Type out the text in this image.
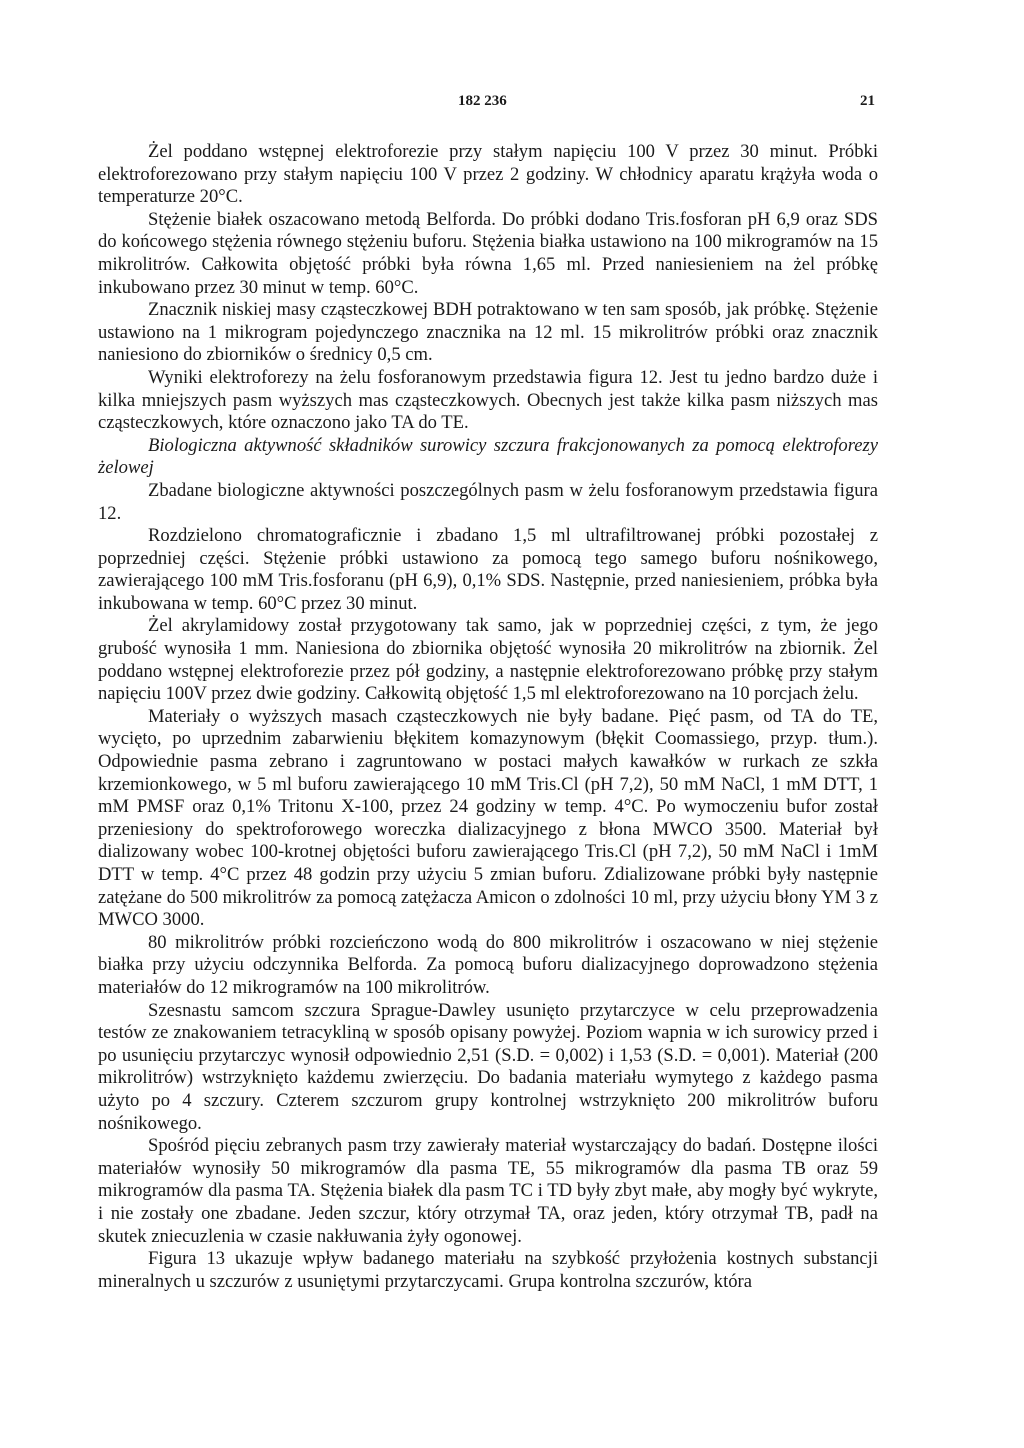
182 236	21

Żel poddano wstępnej elektroforezie przy stałym napięciu 100 V przez 30 minut. Próbki elektroforezowano przy stałym napięciu 100 V przez 2 godziny. W chłodnicy aparatu krążyła woda o temperaturze 20°C.

Stężenie białek oszacowano metodą Belforda. Do próbki dodano Tris.fosforan pH 6,9 oraz SDS do końcowego stężenia równego stężeniu buforu. Stężenia białka ustawiono na 100 mikrogramów na 15 mikrolitrów. Całkowita objętość próbki była równa 1,65 ml. Przed naniesieniem na żel próbkę inkubowano przez 30 minut w temp. 60°C.

Znacznik niskiej masy cząsteczkowej BDH potraktowano w ten sam sposób, jak próbkę. Stężenie ustawiono na 1 mikrogram pojedynczego znacznika na 12 ml. 15 mikrolitrów próbki oraz znacznik naniesiono do zbiorników o średnicy 0,5 cm.

Wyniki elektroforezy na żelu fosforanowym przedstawia figura 12. Jest tu jedno bardzo duże i kilka mniejszych pasm wyższych mas cząsteczkowych. Obecnych jest także kilka pasm niższych mas cząsteczkowych, które oznaczono jako TA do TE.

Biologiczna aktywność składników surowicy szczura frakcjonowanych za pomocą elektroforezy żelowej

Zbadane biologiczne aktywności poszczególnych pasm w żelu fosforanowym przedstawia figura 12.

Rozdzielono chromatograficznie i zbadano 1,5 ml ultrafiltrowanej próbki pozostałej z poprzedniej części. Stężenie próbki ustawiono za pomocą tego samego buforu nośnikowego, zawierającego 100 mM Tris.fosforanu (pH 6,9), 0,1% SDS. Następnie, przed naniesieniem, próbka była inkubowana w temp. 60°C przez 30 minut.

Żel akrylamidowy został przygotowany tak samo, jak w poprzedniej części, z tym, że jego grubość wynosiła 1 mm. Naniesiona do zbiornika objętość wynosiła 20 mikrolitrów na zbiornik. Żel poddano wstępnej elektroforezie przez pół godziny, a następnie elektroforezowano próbkę przy stałym napięciu 100V przez dwie godziny. Całkowitą objętość 1,5 ml elektroforezowano na 10 porcjach żelu.

Materiały o wyższych masach cząsteczkowych nie były badane. Pięć pasm, od TA do TE, wycięto, po uprzednim zabarwieniu błękitem komazynowym (błękit Coomassiego, przyp. tłum.). Odpowiednie pasma zebrano i zagruntowano w postaci małych kawałków w rurkach ze szkła krzemionkowego, w 5 ml buforu zawierającego 10 mM Tris.Cl (pH 7,2), 50 mM NaCl, 1 mM DTT, 1 mM PMSF oraz 0,1% Tritonu X-100, przez 24 godziny w temp. 4°C. Po wymoczeniu bufor został przeniesiony do spektroforowego woreczka dializacyjnego z błona MWCO 3500. Materiał był dializowany wobec 100-krotnej objętości buforu zawierającego Tris.Cl (pH 7,2), 50 mM NaCl i 1mM DTT w temp. 4°C przez 48 godzin przy użyciu 5 zmian buforu. Zdializowane próbki były następnie zatężane do 500 mikrolitrów za pomocą zatężacza Amicon o zdolności 10 ml, przy użyciu błony YM 3 z MWCO 3000.

80 mikrolitrów próbki rozcieńczono wodą do 800 mikrolitrów i oszacowano w niej stężenie białka przy użyciu odczynnika Belforda. Za pomocą buforu dializacyjnego doprowadzono stężenia materiałów do 12 mikrogramów na 100 mikrolitrów.

Szesnastu samcom szczura Sprague-Dawley usunięto przytarczyce w celu przeprowadzenia testów ze znakowaniem tetracykliną w sposób opisany powyżej. Poziom wapnia w ich surowicy przed i po usunięciu przytarczyc wynosił odpowiednio 2,51 (S.D. = 0,002) i 1,53 (S.D. = 0,001). Materiał (200 mikrolitrów) wstrzyknięto każdemu zwierzęciu. Do badania materiału wymytego z każdego pasma użyto po 4 szczury. Czterem szczurom grupy kontrolnej wstrzyknięto 200 mikrolitrów buforu nośnikowego.

Spośród pięciu zebranych pasm trzy zawierały materiał wystarczający do badań. Dostępne ilości materiałów wynosiły 50 mikrogramów dla pasma TE, 55 mikrogramów dla pasma TB oraz 59 mikrogramów dla pasma TA. Stężenia białek dla pasm TC i TD były zbyt małe, aby mogły być wykryte, i nie zostały one zbadane. Jeden szczur, który otrzymał TA, oraz jeden, który otrzymał TB, padł na skutek zniecuzlenia w czasie nakłuwania żyły ogonowej.

Figura 13 ukazuje wpływ badanego materiału na szybkość przyłożenia kostnych substancji mineralnych u szczurów z usuniętymi przytarczycami. Grupa kontrolna szczurów, która
